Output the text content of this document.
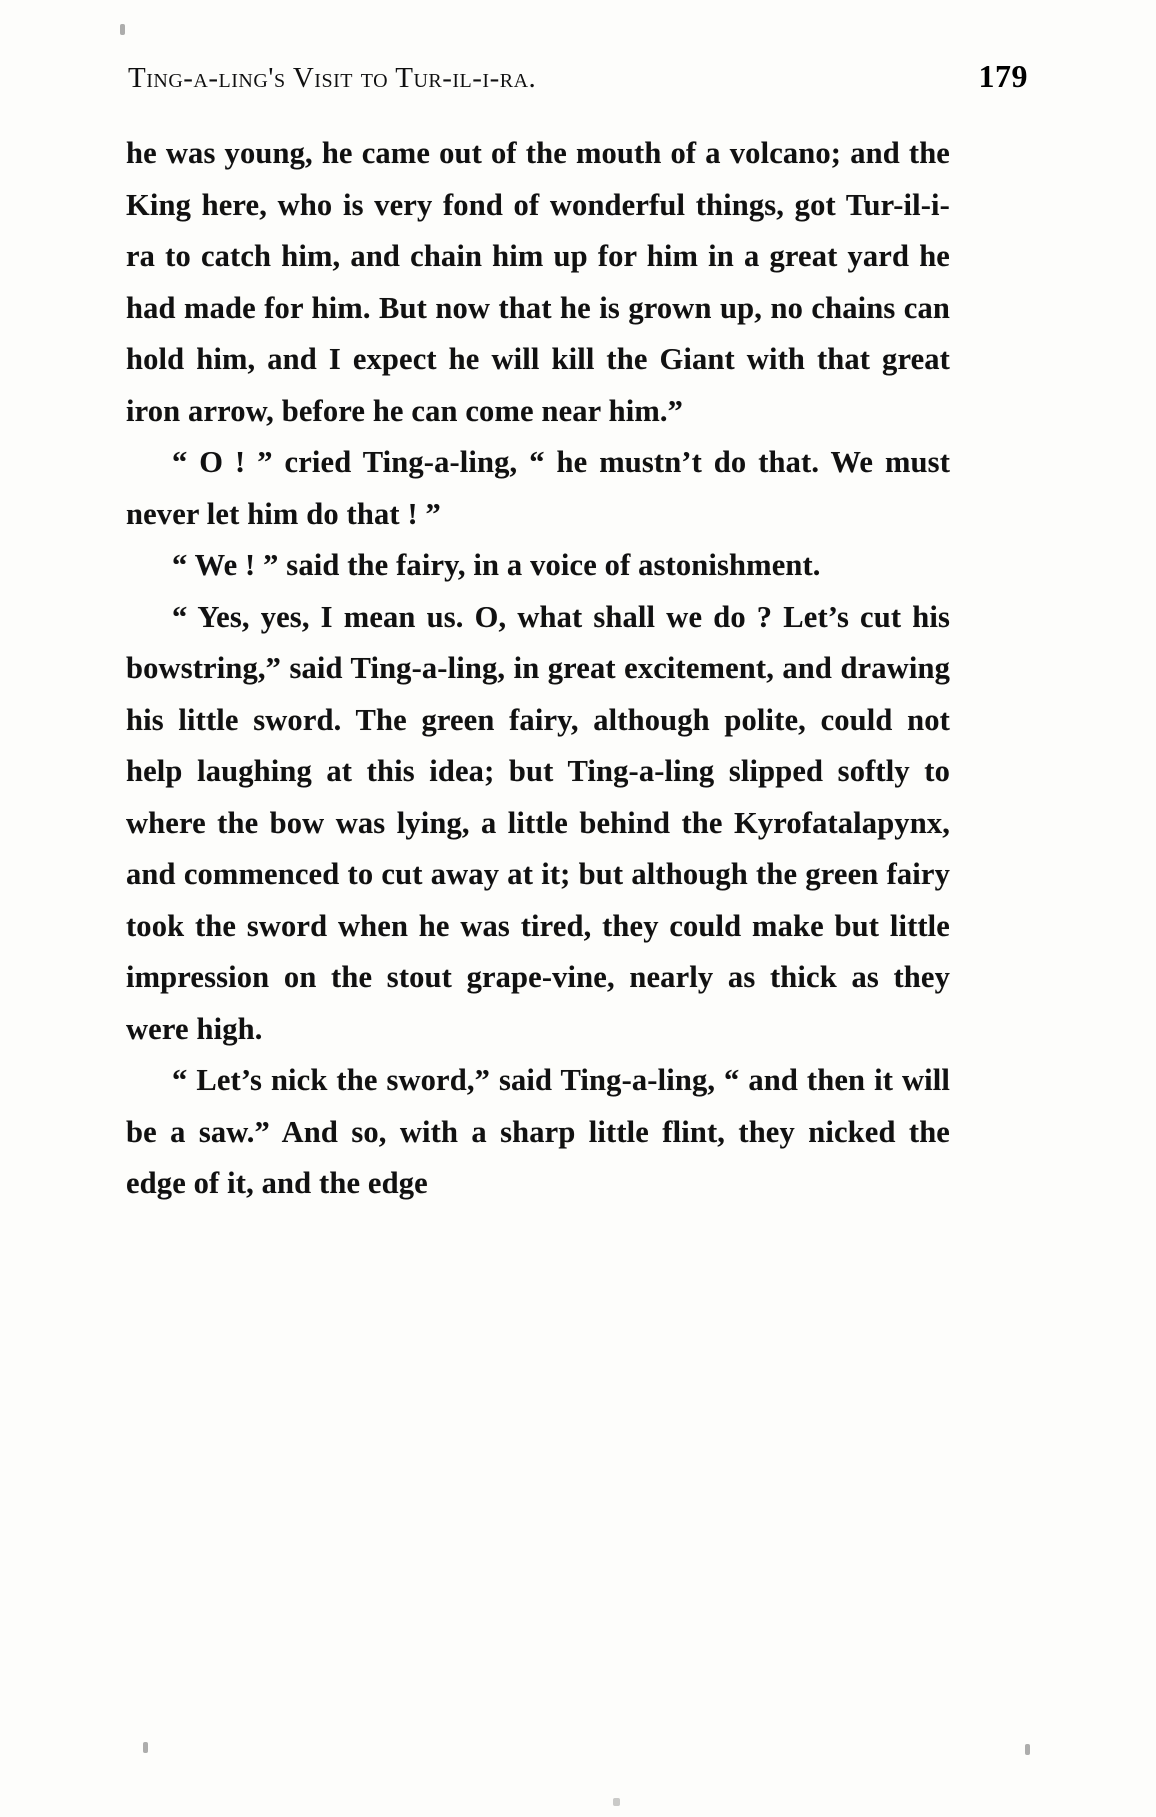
Ting-a-ling's Visit to Tur-il-i-ra.	179

he was young, he came out of the mouth of a volcano; and the King here, who is very fond of wonderful things, got Tur-il-i-ra to catch him, and chain him up for him in a great yard he had made for him. But now that he is grown up, no chains can hold him, and I expect he will kill the Giant with that great iron arrow, before he can come near him.”

“ O ! ” cried Ting-a-ling, “ he mustn’t do that. We must never let him do that ! ”

“ We ! ” said the fairy, in a voice of astonishment.

“ Yes, yes, I mean us. O, what shall we do ? Let’s cut his bowstring,” said Ting-a-ling, in great excitement, and drawing his little sword. The green fairy, although polite, could not help laughing at this idea; but Ting-a-ling slipped softly to where the bow was lying, a little behind the Kyrofatalapynx, and commenced to cut away at it; but although the green fairy took the sword when he was tired, they could make but little impression on the stout grape-vine, nearly as thick as they were high.

“ Let’s nick the sword,” said Ting-a-ling, “ and then it will be a saw.” And so, with a sharp little flint, they nicked the edge of it, and the edge
